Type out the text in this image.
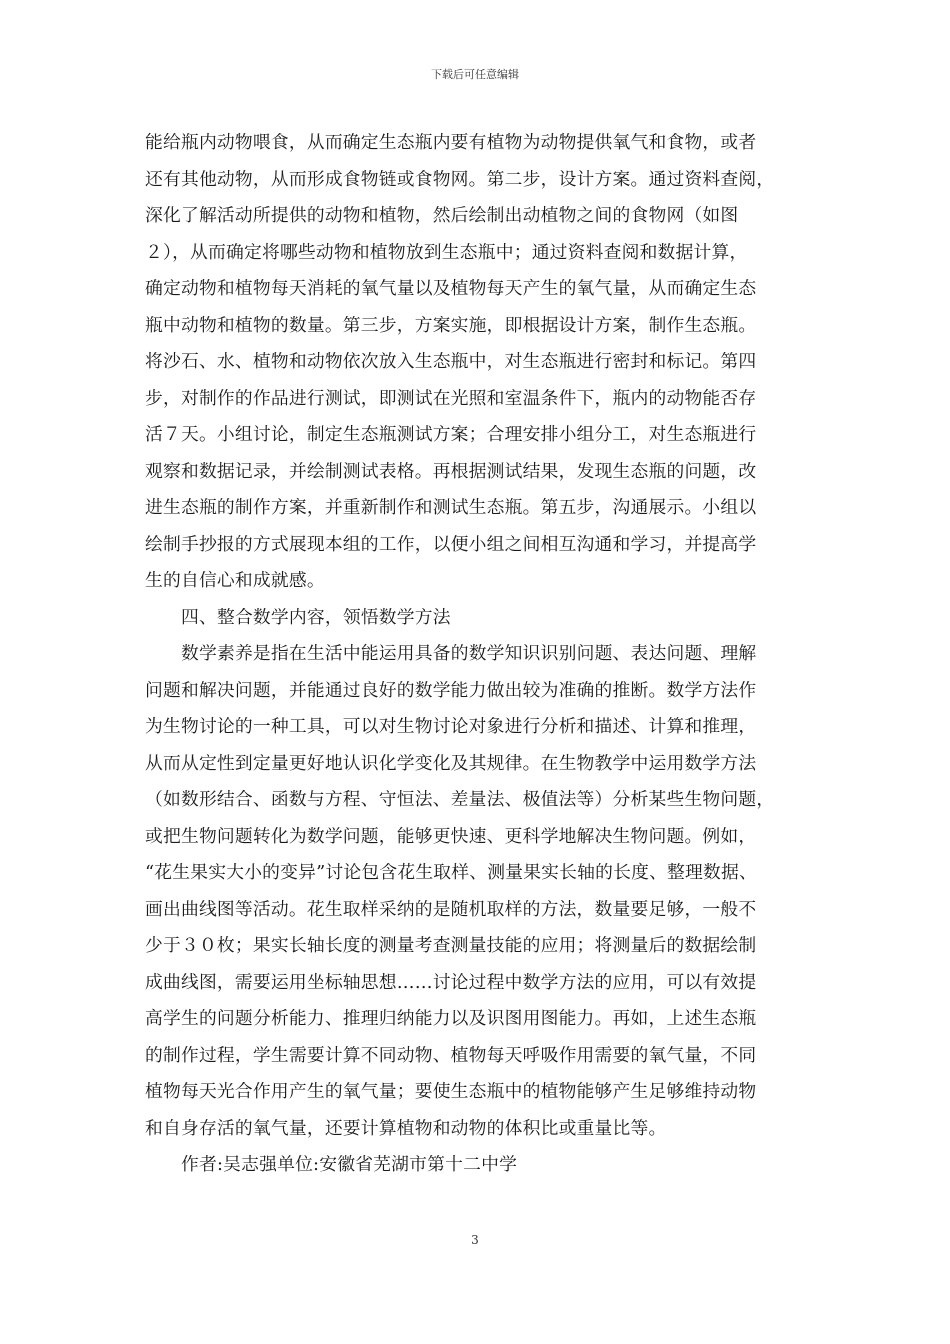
下载后可任意编辑
能给瓶内动物喂食，从而确定生态瓶内要有植物为动物提供氧气和食物，或者
还有其他动物，从而形成食物链或食物网。第二步，设计方案。通过资料查阅，
深化了解活动所提供的动物和植物，然后绘制出动植物之间的食物网（如图
２），从而确定将哪些动物和植物放到生态瓶中；通过资料查阅和数据计算，
确定动物和植物每天消耗的氧气量以及植物每天产生的氧气量，从而确定生态
瓶中动物和植物的数量。第三步，方案实施，即根据设计方案，制作生态瓶。
将沙石、水、植物和动物依次放入生态瓶中，对生态瓶进行密封和标记。第四
步，对制作的作品进行测试，即测试在光照和室温条件下，瓶内的动物能否存
活７天。小组讨论，制定生态瓶测试方案；合理安排小组分工，对生态瓶进行
观察和数据记录，并绘制测试表格。再根据测试结果，发现生态瓶的问题，改
进生态瓶的制作方案，并重新制作和测试生态瓶。第五步，沟通展示。小组以
绘制手抄报的方式展现本组的工作，以便小组之间相互沟通和学习，并提高学
生的自信心和成就感。
四、整合数学内容，领悟数学方法
数学素养是指在生活中能运用具备的数学知识识别问题、表达问题、理解
问题和解决问题，并能通过良好的数学能力做出较为准确的推断。数学方法作
为生物讨论的一种工具，可以对生物讨论对象进行分析和描述、计算和推理，
从而从定性到定量更好地认识化学变化及其规律。在生物教学中运用数学方法
（如数形结合、函数与方程、守恒法、差量法、极值法等）分析某些生物问题，
或把生物问题转化为数学问题，能够更快速、更科学地解决生物问题。例如，
“花生果实大小的变异”讨论包含花生取样、测量果实长轴的长度、整理数据、
画出曲线图等活动。花生取样采纳的是随机取样的方法，数量要足够，一般不
少于３０枚；果实长轴长度的测量考查测量技能的应用；将测量后的数据绘制
成曲线图，需要运用坐标轴思想……讨论过程中数学方法的应用，可以有效提
高学生的问题分析能力、推理归纳能力以及识图用图能力。再如，上述生态瓶
的制作过程，学生需要计算不同动物、植物每天呼吸作用需要的氧气量，不同
植物每天光合作用产生的氧气量；要使生态瓶中的植物能够产生足够维持动物
和自身存活的氧气量，还要计算植物和动物的体积比或重量比等。
作者:吴志强单位:安徽省芜湖市第十二中学
3
